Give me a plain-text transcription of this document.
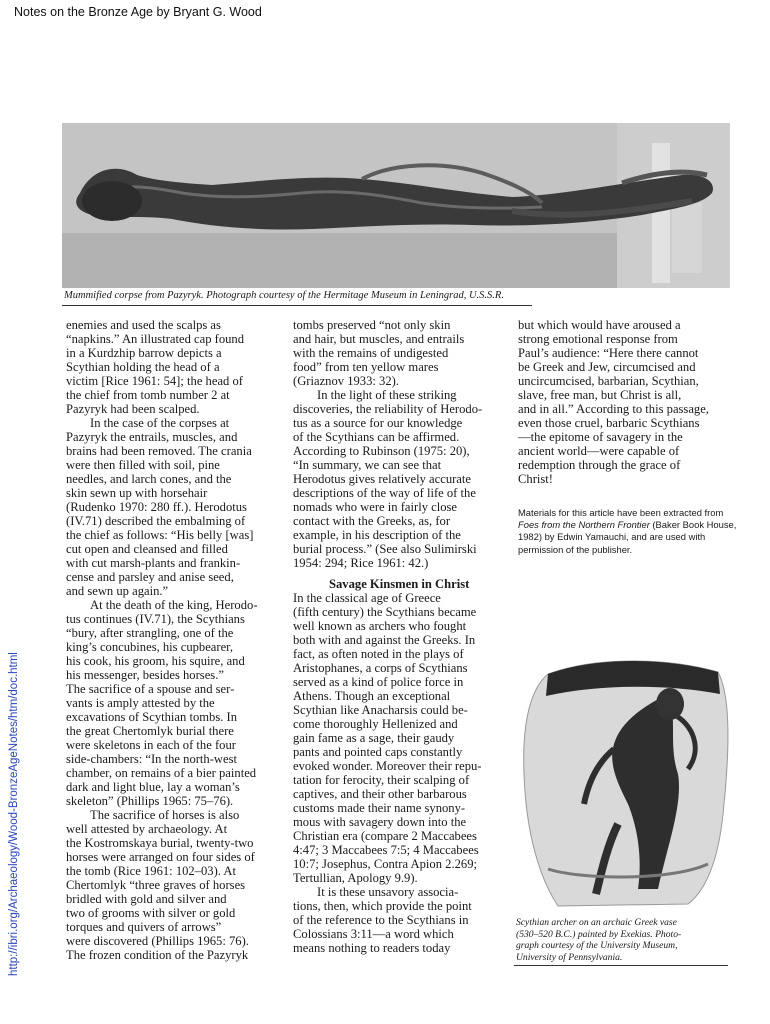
Notes on the Bronze Age by Bryant G. Wood
http://ibri.org/Archaeology/Wood-BronzeAgeNotes/htm/doc.html
Mummified corpse from Pazyryk. Photograph courtesy of the Hermitage Museum in Leningrad, U.S.S.R.

enemies and used the scalps as
“napkins.” An illustrated cap found
in a Kurdzhip barrow depicts a
Scythian holding the head of a
victim [Rice 1961: 54]; the head of
the chief from tomb number 2 at
Pazyryk had been scalped.

In the case of the corpses at
Pazyryk the entrails, muscles, and
brains had been removed. The crania
were then filled with soil, pine
needles, and larch cones, and the
skin sewn up with horsehair
(Rudenko 1970: 280 ff.). Herodotus
(IV.71) described the embalming of
the chief as follows: “His belly [was]
cut open and cleansed and filled
with cut marsh-plants and frankin-
cense and parsley and anise seed,
and sewn up again.”

At the death of the king, Herodo-
tus continues (IV.71), the Scythians
“bury, after strangling, one of the
king’s concubines, his cupbearer,
his cook, his groom, his squire, and
his messenger, besides horses.”
The sacrifice of a spouse and ser-
vants is amply attested by the
excavations of Scythian tombs. In
the great Chertomlyk burial there
were skeletons in each of the four
side-chambers: “In the north-west
chamber, on remains of a bier painted
dark and light blue, lay a woman’s
skeleton” (Phillips 1965: 75–76).

The sacrifice of horses is also
well attested by archaeology. At
the Kostromskaya burial, twenty-two
horses were arranged on four sides of
the tomb (Rice 1961: 102–03). At
Chertomlyk “three graves of horses
bridled with gold and silver and
two of grooms with silver or gold
torques and quivers of arrows”
were discovered (Phillips 1965: 76).
The frozen condition of the Pazyryk

tombs preserved “not only skin
and hair, but muscles, and entrails
with the remains of undigested
food” from ten yellow mares
(Griaznov 1933: 32).

In the light of these striking
discoveries, the reliability of Herodo-
tus as a source for our knowledge
of the Scythians can be affirmed.
According to Rubinson (1975: 20),
“In summary, we can see that
Herodotus gives relatively accurate
descriptions of the way of life of the
nomads who were in fairly close
contact with the Greeks, as, for
example, in his description of the
burial process.” (See also Sulimirski
1954: 294; Rice 1961: 42.)

Savage Kinsmen in Christ

In the classical age of Greece
(fifth century) the Scythians became
well known as archers who fought
both with and against the Greeks. In
fact, as often noted in the plays of
Aristophanes, a corps of Scythians
served as a kind of police force in
Athens. Though an exceptional
Scythian like Anacharsis could be-
come thoroughly Hellenized and
gain fame as a sage, their gaudy
pants and pointed caps constantly
evoked wonder. Moreover their repu-
tation for ferocity, their scalping of
captives, and their other barbarous
customs made their name synony-
mous with savagery down into the
Christian era (compare 2 Maccabees
4:47; 3 Maccabees 7:5; 4 Maccabees
10:7; Josephus, Contra Apion 2.269;
Tertullian, Apology 9.9).

It is these unsavory associa-
tions, then, which provide the point
of the reference to the Scythians in
Colossians 3:11—a word which
means nothing to readers today

but which would have aroused a
strong emotional response from
Paul’s audience: “Here there cannot
be Greek and Jew, circumcised and
uncircumcised, barbarian, Scythian,
slave, free man, but Christ is all,
and in all.” According to this passage,
even those cruel, barbaric Scythians
—the epitome of savagery in the
ancient world—were capable of
redemption through the grace of
Christ!

Materials for this article have been extracted from Foes from the Northern Frontier (Baker Book House, 1982) by Edwin Yamauchi, and are used with permission of the publisher.
Scythian archer on an archaic Greek vase
(530–520 B.C.) painted by Exekias. Photo-
graph courtesy of the University Museum,
University of Pennsylvania.
